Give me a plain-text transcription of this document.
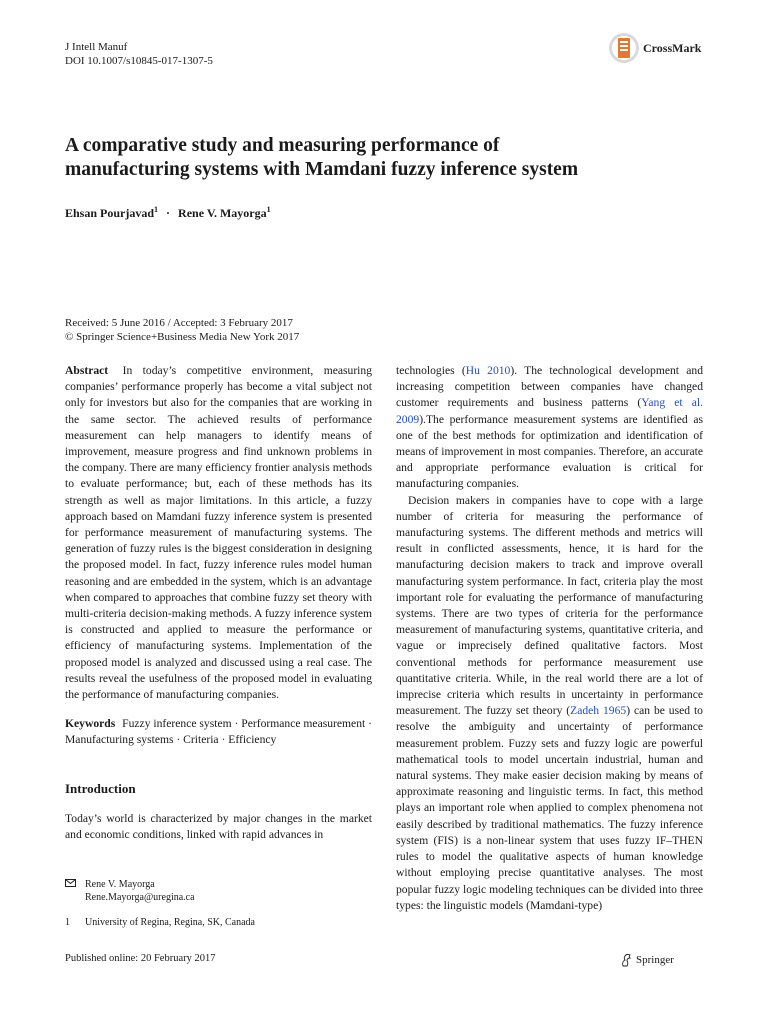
J Intell Manuf
DOI 10.1007/s10845-017-1307-5
CrossMark
A comparative study and measuring performance of
manufacturing systems with Mamdani fuzzy inference system
Ehsan Pourjavad$^1$ · Rene V. Mayorga$^1$
Received: 5 June 2016 / Accepted: 3 February 2017
© Springer Science+Business Media New York 2017

Abstract In today’s competitive environment, measuring companies’ performance properly has become a vital subject not only for investors but also for the companies that are working in the same sector. The achieved results of performance measurement can help managers to identify means of improvement, measure progress and find unknown problems in the company. There are many efficiency frontier analysis methods to evaluate performance; but, each of these methods has its strength as well as major limitations. In this article, a fuzzy approach based on Mamdani fuzzy inference system is presented for performance measurement of manufacturing systems. The generation of fuzzy rules is the biggest consideration in designing the proposed model. In fact, fuzzy inference rules model human reasoning and are embedded in the system, which is an advantage when compared to approaches that combine fuzzy set theory with multi-criteria decision-making methods. A fuzzy inference system is constructed and applied to measure the performance or efficiency of manufacturing systems. Implementation of the proposed model is analyzed and discussed using a real case. The results reveal the usefulness of the proposed model in evaluating the performance of manufacturing companies.

Keywords Fuzzy inference system · Performance measurement · Manufacturing systems · Criteria · Efficiency

Introduction

Today’s world is characterized by major changes in the market and economic conditions, linked with rapid advances in

technologies (Hu 2010). The technological development and increasing competition between companies have changed customer requirements and business patterns (Yang et al. 2009).The performance measurement systems are identified as one of the best methods for optimization and identification of means of improvement in most companies. Therefore, an accurate and appropriate performance evaluation is critical for manufacturing companies.

Decision makers in companies have to cope with a large number of criteria for measuring the performance of manufacturing systems. The different methods and metrics will result in conflicted assessments, hence, it is hard for the manufacturing decision makers to track and improve overall manufacturing system performance. In fact, criteria play the most important role for evaluating the performance of manufacturing systems. There are two types of criteria for the performance measurement of manufacturing systems, quantitative criteria, and vague or imprecisely defined qualitative factors. Most conventional methods for performance measurement use quantitative criteria. While, in the real world there are a lot of imprecise criteria which results in uncertainty in performance measurement. The fuzzy set theory (Zadeh 1965) can be used to resolve the ambiguity and uncertainty of performance measurement problem. Fuzzy sets and fuzzy logic are powerful mathematical tools to model uncertain industrial, human and natural systems. They make easier decision making by means of approximate reasoning and linguistic terms. In fact, this method plays an important role when applied to complex phenomena not easily described by traditional mathematics. The fuzzy inference system (FIS) is a non-linear system that uses fuzzy IF–THEN rules to model the qualitative aspects of human knowledge without employing precise quantitative analyses. The most popular fuzzy logic modeling techniques can be divided into three types: the linguistic models (Mamdani-type)

Rene V. Mayorga
Rene.Mayorga@uregina.ca
1	University of Regina, Regina, SK, Canada
Published online: 20 February 2017	Springer
